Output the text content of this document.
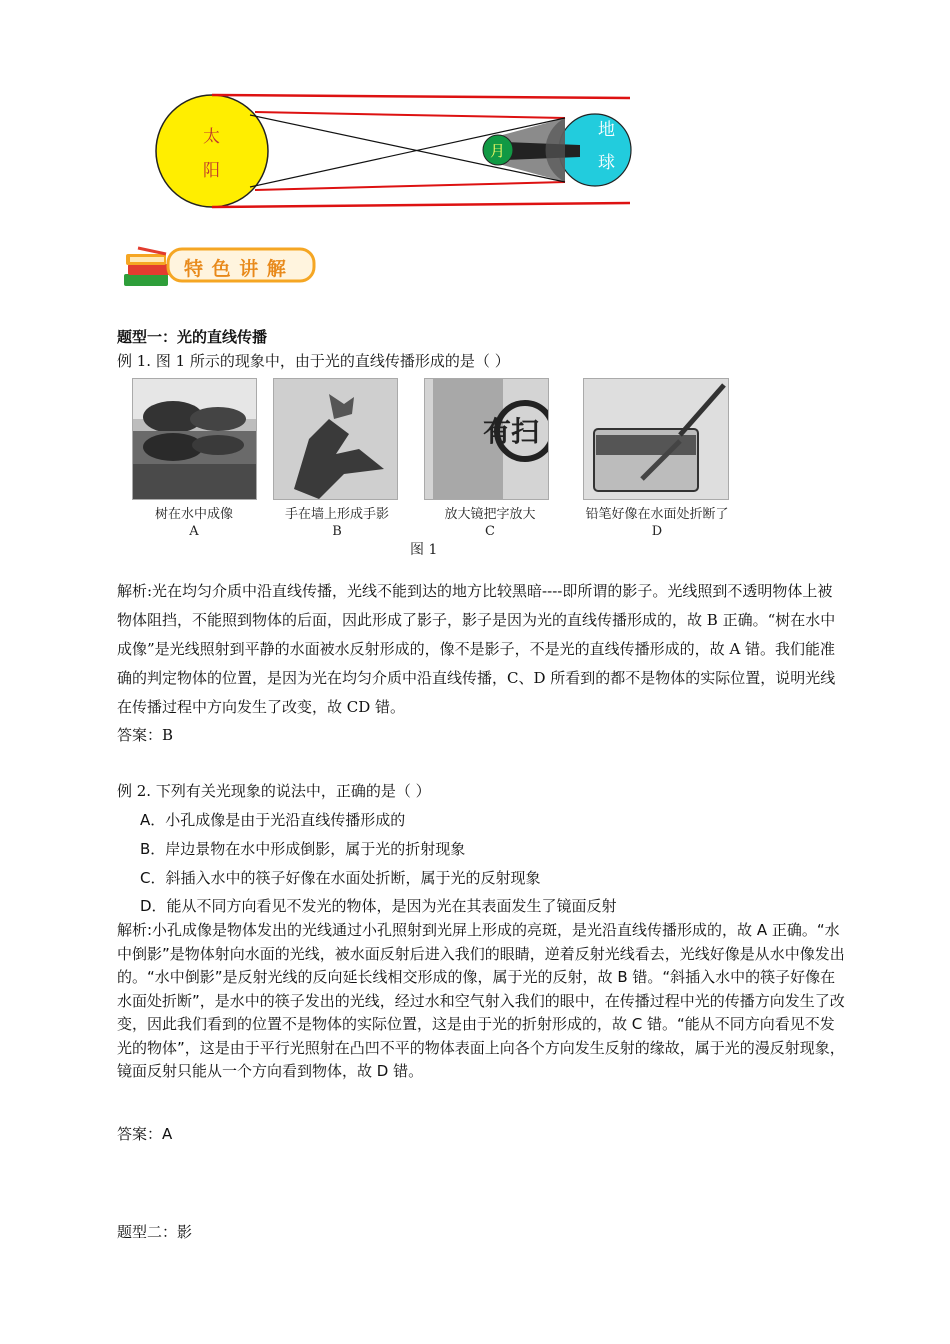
太
阳
月
地
球
特 色 讲 解
题型一：光的直线传播
例 1. 图 1 所示的现象中，由于光的直线传播形成的是（ ）
有扫
树在水中成像
A
手在墙上形成手影
B
放大镜把字放大
C
铅笔好像在水面处折断了
D
图 1
解析:光在均匀介质中沿直线传播，光线不能到达的地方比较黑暗----即所谓的影子。光线照到不透明物体上被物体阻挡，不能照到物体的后面，因此形成了影子，影子是因为光的直线传播形成的，故 B 正确。“树在水中成像”是光线照射到平静的水面被水反射形成的，像不是影子，不是光的直线传播形成的，故 A 错。我们能准确的判定物体的位置，是因为光在均匀介质中沿直线传播，C、D 所看到的都不是物体的实际位置，说明光线在传播过程中方向发生了改变，故 CD 错。
答案：B
例 2. 下列有关光现象的说法中，正确的是（ ）
A．小孔成像是由于光沿直线传播形成的
B．岸边景物在水中形成倒影，属于光的折射现象
C．斜插入水中的筷子好像在水面处折断，属于光的反射现象
D．能从不同方向看见不发光的物体，是因为光在其表面发生了镜面反射
解析:小孔成像是物体发出的光线通过小孔照射到光屏上形成的亮斑，是光沿直线传播形成的，故 A 正确。“水中倒影”是物体射向水面的光线，被水面反射后进入我们的眼睛，逆着反射光线看去，光线好像是从水中像发出的。“水中倒影”是反射光线的反向延长线相交形成的像，属于光的反射，故 B 错。“斜插入水中的筷子好像在水面处折断”，是水中的筷子发出的光线，经过水和空气射入我们的眼中，在传播过程中光的传播方向发生了改变，因此我们看到的位置不是物体的实际位置，这是由于光的折射形成的，故 C 错。“能从不同方向看见不发光的物体”，这是由于平行光照射在凸凹不平的物体表面上向各个方向发生反射的缘故，属于光的漫反射现象，镜面反射只能从一个方向看到物体，故 D 错。
答案：A
题型二：影
